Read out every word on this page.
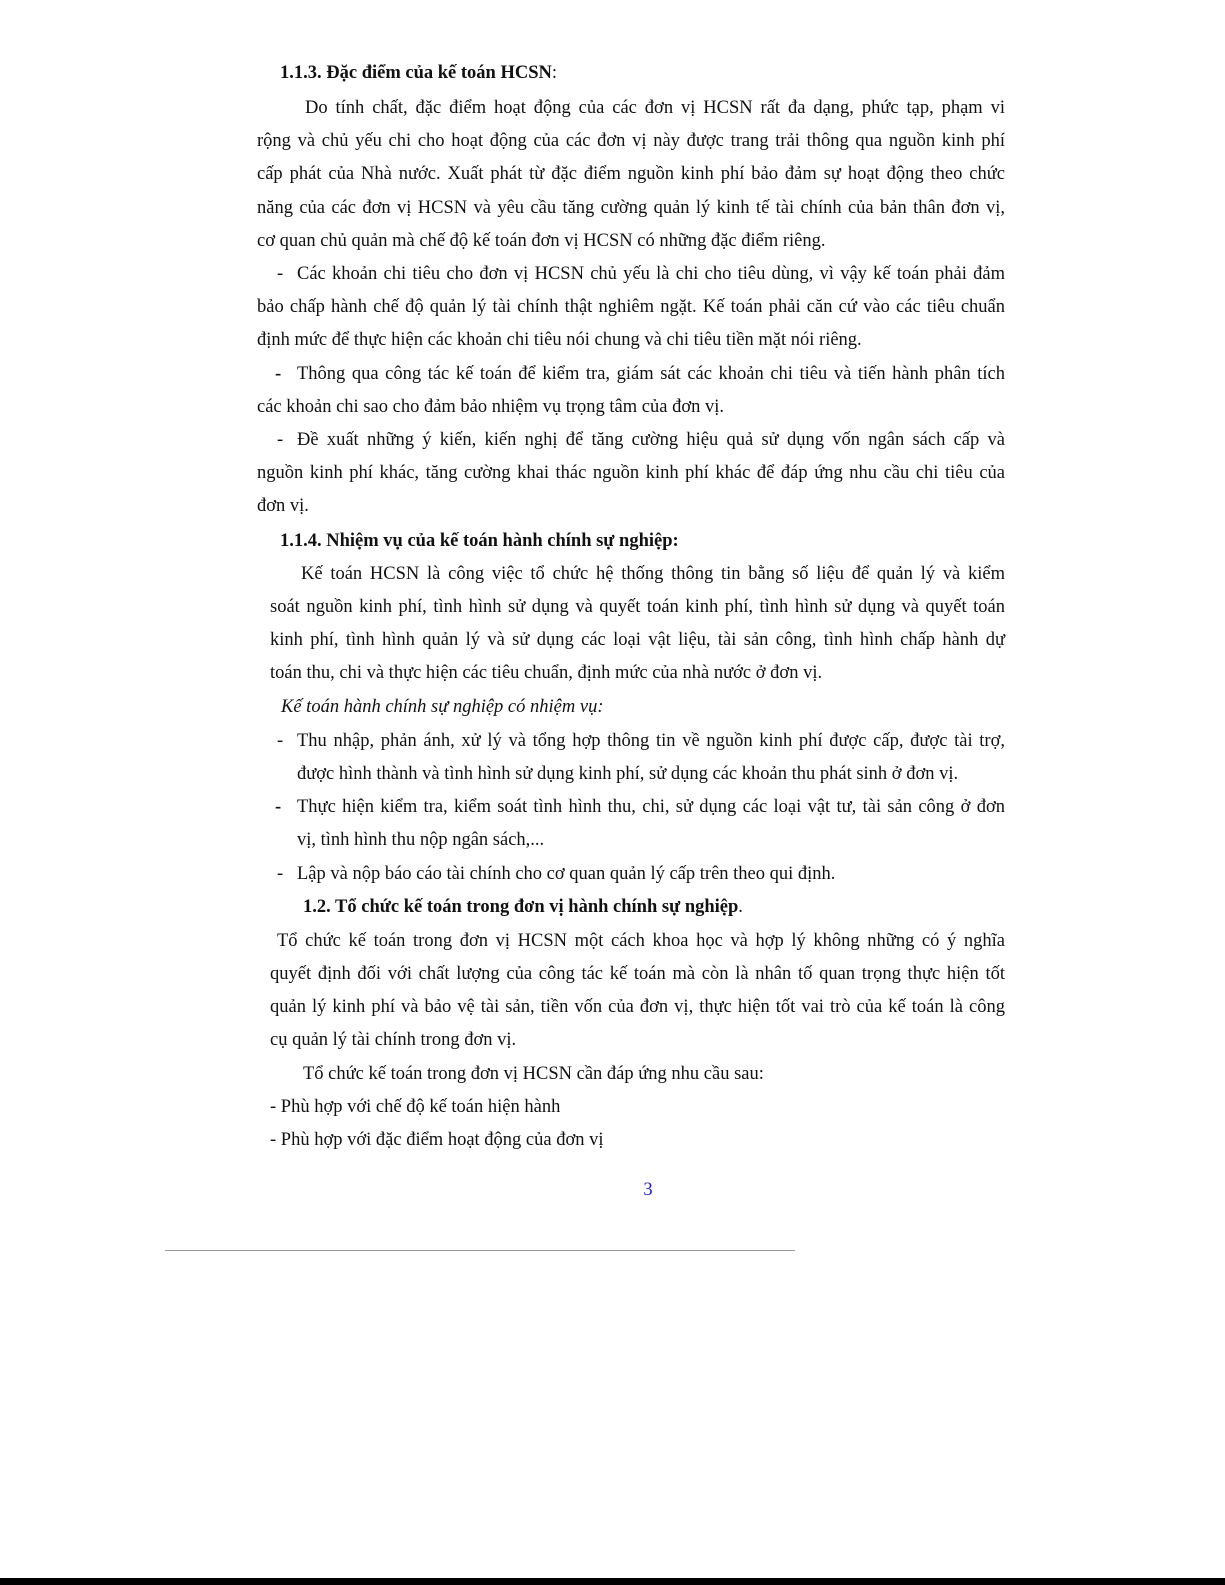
1.1.3. Đặc điểm của kế toán HCSN:
Do tính chất, đặc điểm hoạt động của các đơn vị HCSN rất đa dạng, phức tạp, phạm vi
rộng và chủ yếu chi cho hoạt động của các đơn vị này được trang trải thông qua nguồn kinh phí
cấp phát của Nhà nước. Xuất phát từ đặc điểm nguồn kinh phí bảo đảm sự hoạt động theo chức
năng của các đơn vị HCSN và yêu cầu tăng cường quản lý kinh tế tài chính của bản thân đơn vị,
cơ quan chủ quản mà chế độ kế toán đơn vị HCSN có những đặc điểm riêng.
- Các khoản chi tiêu cho đơn vị HCSN chủ yếu là chi cho tiêu dùng, vì vậy kế toán phải đảm
bảo chấp hành chế độ quản lý tài chính thật nghiêm ngặt. Kế toán phải căn cứ vào các tiêu chuẩn
định mức để thực hiện các khoản chi tiêu nói chung và chi tiêu tiền mặt nói riêng.
- Thông qua công tác kế toán để kiểm tra, giám sát các khoản chi tiêu và tiến hành phân tích
các khoản chi sao cho đảm bảo nhiệm vụ trọng tâm của đơn vị.
- Đề xuất những ý kiến, kiến nghị để tăng cường hiệu quả sử dụng vốn ngân sách cấp và
nguồn kinh phí khác, tăng cường khai thác nguồn kinh phí khác để đáp ứng nhu cầu chi tiêu của
đơn vị.
1.1.4. Nhiệm vụ của kế toán hành chính sự nghiệp:
Kế toán HCSN là công việc tổ chức hệ thống thông tin bằng số liệu để quản lý và kiểm
soát nguồn kinh phí, tình hình sử dụng và quyết toán kinh phí, tình hình sử dụng và quyết toán
kinh phí, tình hình quản lý và sử dụng các loại vật liệu, tài sản công, tình hình chấp hành dự
toán thu, chi và thực hiện các tiêu chuẩn, định mức của nhà nước ở đơn vị.
Kế toán hành chính sự nghiệp có nhiệm vụ:
- Thu nhập, phản ánh, xử lý và tổng hợp thông tin về nguồn kinh phí được cấp, được tài trợ,
được hình thành và tình hình sử dụng kinh phí, sử dụng các khoản thu phát sinh ở đơn vị.
- Thực hiện kiểm tra, kiểm soát tình hình thu, chi, sử dụng các loại vật tư, tài sản công ở đơn
vị, tình hình thu nộp ngân sách,...
- Lập và nộp báo cáo tài chính cho cơ quan quản lý cấp trên theo qui định.
1.2. Tổ chức kế toán trong đơn vị hành chính sự nghiệp.
Tổ chức kế toán trong đơn vị HCSN một cách khoa học và hợp lý không những có ý nghĩa
quyết định đối với chất lượng của công tác kế toán mà còn là nhân tố quan trọng thực hiện tốt
quản lý kinh phí và bảo vệ tài sản, tiền vốn của đơn vị, thực hiện tốt vai trò của kế toán là công
cụ quản lý tài chính trong đơn vị.
Tổ chức kế toán trong đơn vị HCSN cần đáp ứng nhu cầu sau:
- Phù hợp với chế độ kế toán hiện hành
- Phù hợp với đặc điểm hoạt động của đơn vị
3
